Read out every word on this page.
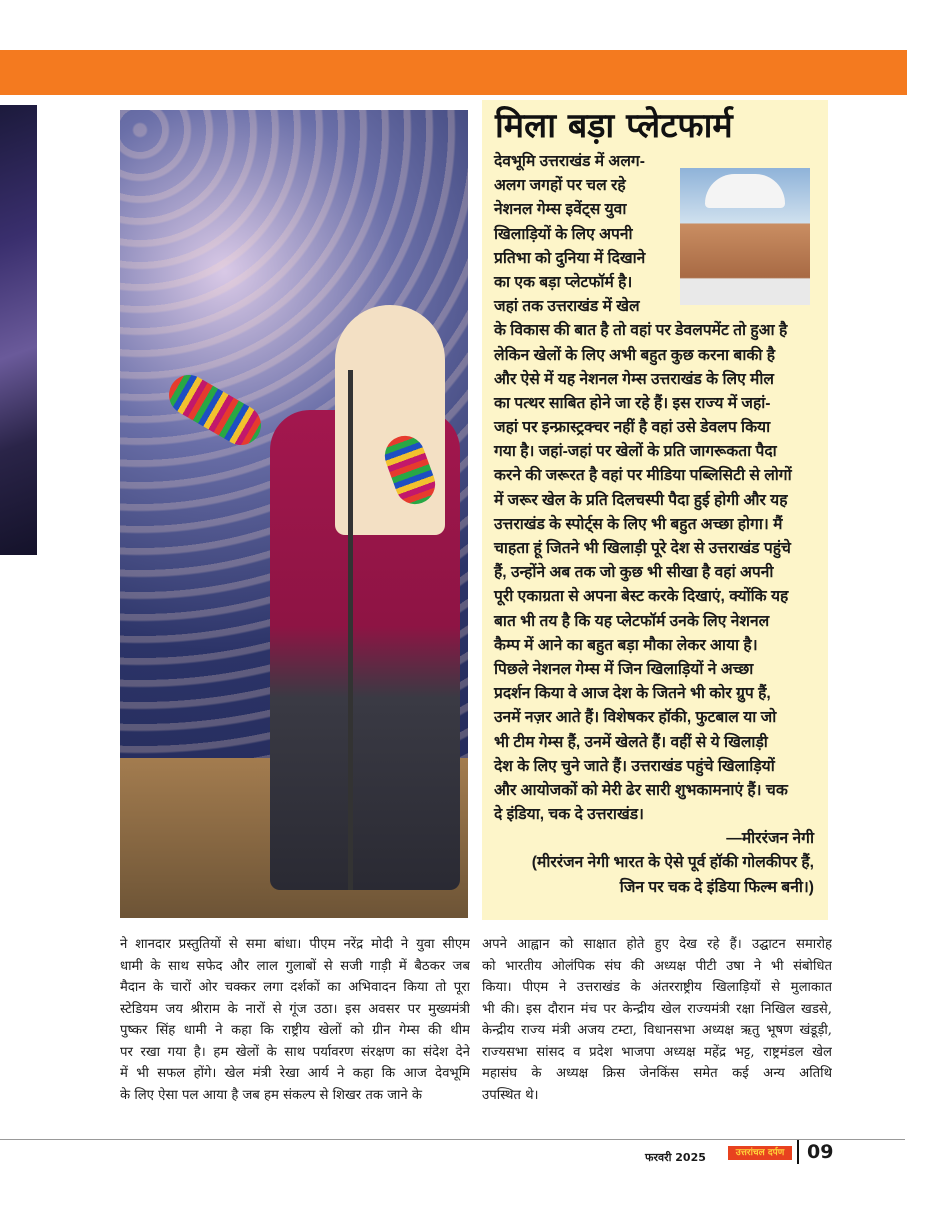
मिला बड़ा प्लेटफार्म
देवभूमि उत्तराखंड में अलग-
अलग जगहों पर चल रहे
नेशनल गेम्स इवेंट्स युवा
खिलाड़ियों के लिए अपनी
प्रतिभा को दुनिया में दिखाने
का एक बड़ा प्लेटफॉर्म है।
जहां तक उत्तराखंड में खेल
के विकास की बात है तो वहां पर डेवलपमेंट तो हुआ है
लेकिन खेलों के लिए अभी बहुत कुछ करना बाकी है
और ऐसे में यह नेशनल गेम्स उत्तराखंड के लिए मील
का पत्थर साबित होने जा रहे हैं। इस राज्य में जहां-
जहां पर इन्फ्रास्ट्रक्चर नहीं है वहां उसे डेवलप किया
गया है। जहां-जहां पर खेलों के प्रति जागरूकता पैदा
करने की जरूरत है वहां पर मीडिया पब्लिसिटी से लोगों
में जरूर खेल के प्रति दिलचस्पी पैदा हुई होगी और यह
उत्तराखंड के स्पोर्ट्स के लिए भी बहुत अच्छा होगा। मैं
चाहता हूं जितने भी खिलाड़ी पूरे देश से उत्तराखंड पहुंचे
हैं, उन्होंने अब तक जो कुछ भी सीखा है वहां अपनी
पूरी एकाग्रता से अपना बेस्ट करके दिखाएं, क्योंकि यह
बात भी तय है कि यह प्लेटफॉर्म उनके लिए नेशनल
कैम्प में आने का बहुत बड़ा मौका लेकर आया है।
पिछले नेशनल गेम्स में जिन खिलाड़ियों ने अच्छा
प्रदर्शन किया वे आज देश के जितने भी कोर ग्रुप हैं,
उनमें नज़र आते हैं। विशेषकर हॉकी, फुटबाल या जो
भी टीम गेम्स हैं, उनमें खेलते हैं। वहीं से ये खिलाड़ी
देश के लिए चुने जाते हैं। उत्तराखंड पहुंचे खिलाड़ियों
और आयोजकों को मेरी ढेर सारी शुभकामनाएं हैं। चक
दे इंडिया, चक दे उत्तराखंड।
—मीररंजन नेगी
(मीररंजन नेगी भारत के ऐसे पूर्व हॉकी गोलकीपर हैं,
जिन पर चक दे इंडिया फिल्म बनी।)
ने शानदार प्रस्तुतियों से समा बांधा। पीएम नरेंद्र मोदी ने युवा सीएम
धामी के साथ सफेद और लाल गुलाबों से सजी गाड़ी में बैठकर जब
मैदान के चारों ओर चक्कर लगा दर्शकों का अभिवादन किया तो पूरा
स्टेडियम जय श्रीराम के नारों से गूंज उठा। इस अवसर पर मुख्यमंत्री
पुष्कर सिंह धामी ने कहा कि राष्ट्रीय खेलों को ग्रीन गेम्स की थीम
पर रखा गया है। हम खेलों के साथ पर्यावरण संरक्षण का संदेश देने
में भी सफल होंगे। खेल मंत्री रेखा आर्य ने कहा कि आज देवभूमि
के लिए ऐसा पल आया है जब हम संकल्प से शिखर तक जाने के
अपने आह्वान को साक्षात होते हुए देख रहे हैं। उद्घाटन समारोह
को भारतीय ओलंपिक संघ की अध्यक्ष पीटी उषा ने भी संबोधित
किया। पीएम ने उत्तराखंड के अंतरराष्ट्रीय खिलाड़ियों से मुलाकात
भी की। इस दौरान मंच पर केन्द्रीय खेल राज्यमंत्री रक्षा निखिल खडसे,
केन्द्रीय राज्य मंत्री अजय टम्टा, विधानसभा अध्यक्ष ऋतु भूषण खंडूड़ी,
राज्यसभा सांसद व प्रदेश भाजपा अध्यक्ष महेंद्र भट्ट, राष्ट्रमंडल खेल
महासंघ के अध्यक्ष क्रिस जेनकिंस समेत कई अन्य अतिथि
उपस्थित थे।
फरवरी 2025	उत्तरांचल दर्पण	09
